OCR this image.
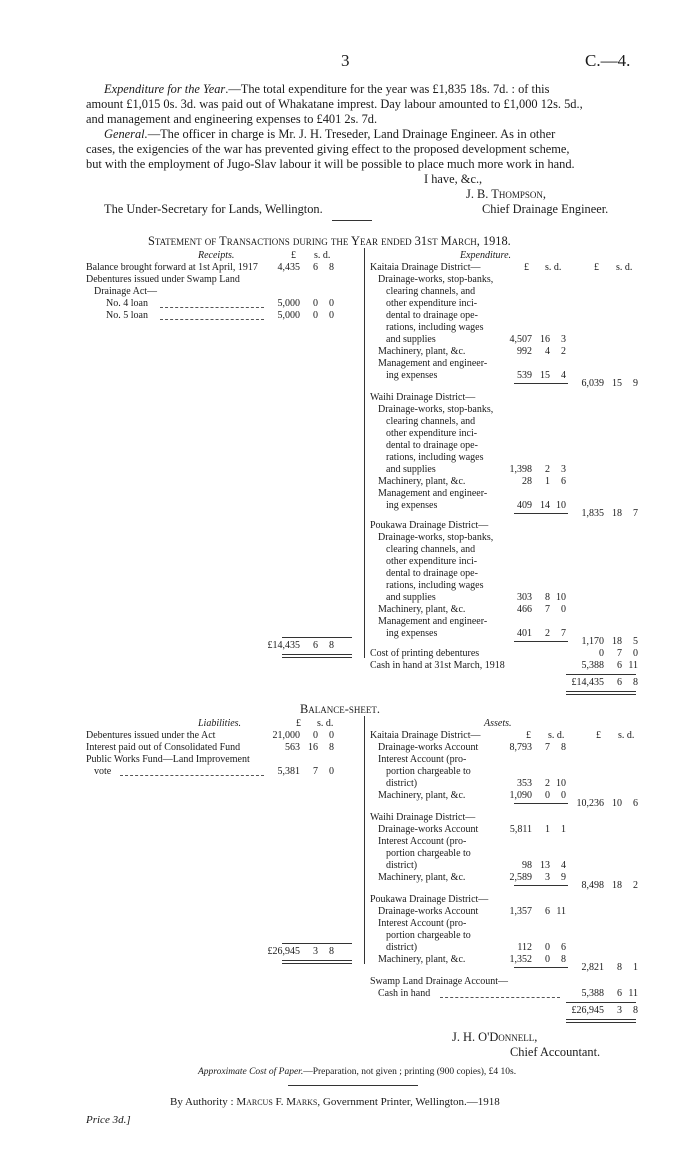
3	C.—4.
Expenditure for the Year.—The total expenditure for the year was £1,835 18s. 7d. : of this
amount £1,015 0s. 3d. was paid out of Whakatane imprest. Day labour amounted to £1,000 12s. 5d.,
and management and engineering expenses to £401 2s. 7d.
General.—The officer in charge is Mr. J. H. Treseder, Land Drainage Engineer. As in other
cases, the exigencies of the war has prevented giving effect to the proposed development scheme,
but with the employment of Jugo-Slav labour it will be possible to place much more work in hand.
I have, &c.,
J. B. Thompson,
The Under-Secretary for Lands, Wellington.	Chief Drainage Engineer.
Statement of Transactions during the Year ended 31st March, 1918.
Receipts.	£ s. d.	Expenditure.
£ s. d.	£ s. d.
Balance brought forward at 1st April, 1917	4,435 6 8
Debentures issued under Swamp Land
Drainage Act—
No. 4 loan	5,000 0 0
No. 5 loan	5,000 0 0
£14,435 6 8
Kaitaia Drainage District—
Drainage-works, stop-banks,
clearing channels, and
other expenditure inci-
dental to drainage ope-
rations, including wages
and supplies	4,507 16 3
Machinery, plant, &c.	992 4 2
Management and engineer-
ing expenses	539 15 4
6,039 15 9
Waihi Drainage District—
Drainage-works, stop-banks,
clearing channels, and
other expenditure inci-
dental to drainage ope-
rations, including wages
and supplies	1,398 2 3
Machinery, plant, &c.	28 1 6
Management and engineer-
ing expenses	409 14 10
1,835 18 7
Poukawa Drainage District—
Drainage-works, stop-banks,
clearing channels, and
other expenditure inci-
dental to drainage ope-
rations, including wages
and supplies	303 8 10
Machinery, plant, &c.	466 7 0
Management and engineer-
ing expenses	401 2 7
1,170 18 5
Cost of printing debentures	0 7 0
Cash in hand at 31st March, 1918	5,388 6 11
£14,435 6 8
Balance-sheet.
Liabilities.	£ s. d.	Assets.
£ s. d.	£ s. d.
Debentures issued under the Act	21,000 0 0
Interest paid out of Consolidated Fund	563 16 8
Public Works Fund—Land Improvement
vote	5,381 7 0
£26,945 3 8
Kaitaia Drainage District—
Drainage-works Account	8,793 7 8
Interest Account (pro-
portion chargeable to
district)	353 2 10
Machinery, plant, &c.	1,090 0 0
10,236 10 6
Waihi Drainage District—
Drainage-works Account	5,811 1 1
Interest Account (pro-
portion chargeable to
district)	98 13 4
Machinery, plant, &c.	2,589 3 9
8,498 18 2
Poukawa Drainage District—
Drainage-works Account	1,357 6 11
Interest Account (pro-
portion chargeable to
district)	112 0 6
Machinery, plant, &c.	1,352 0 8
2,821 8 1
Swamp Land Drainage Account—
Cash in hand	5,388 6 11
£26,945 3 8
J. H. O'Donnell,
Chief Accountant.
Approximate Cost of Paper.—Preparation, not given ; printing (900 copies), £4 10s.
By Authority : Marcus F. Marks, Government Printer, Wellington.—1918
Price 3d.]
